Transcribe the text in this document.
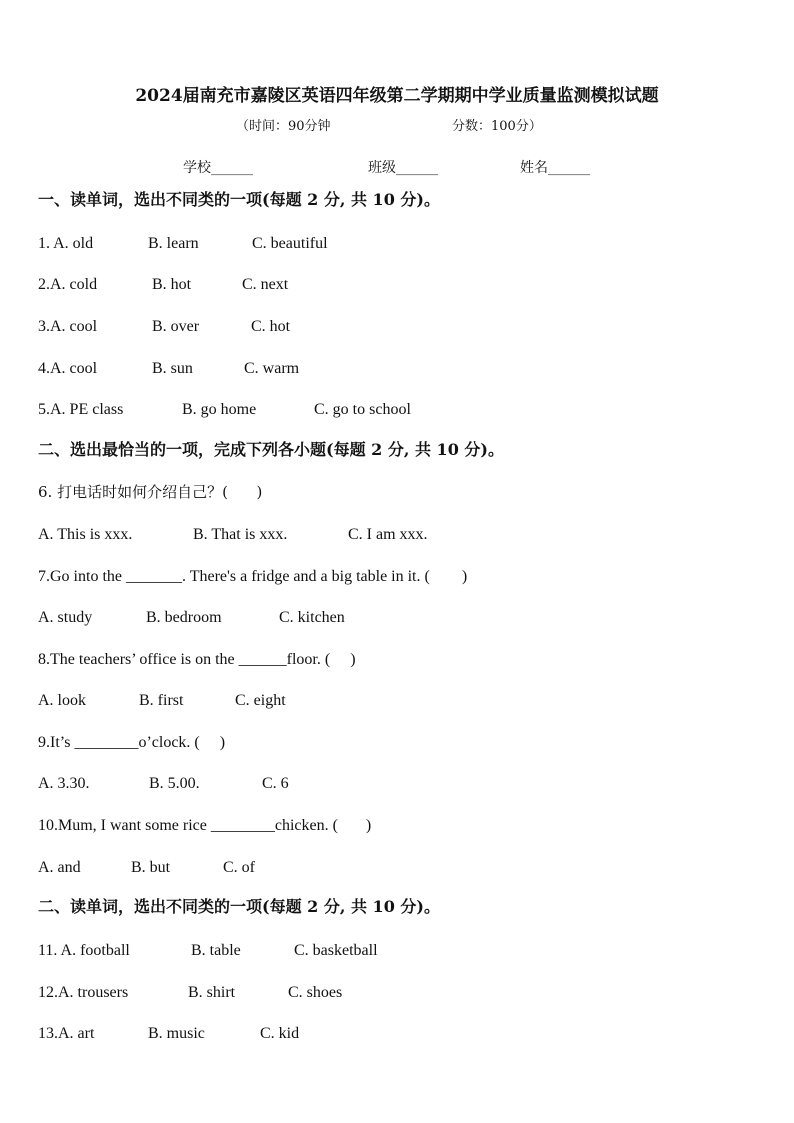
2024届南充市嘉陵区英语四年级第二学期期中学业质量监测模拟试题
（时间：90分钟	分数：100分）
学校______	班级______	姓名______
一、读单词，选出不同类的一项(每题 2 分, 共 10 分)。
1. A. old	B. learn	C. beautiful
2.A. cold	B. hot	C. next
3.A. cool	B. over	C. hot
4.A. cool	B. sun	C. warm
5.A. PE class	B. go home	C. go to school
二、选出最恰当的一项，完成下列各小题(每题 2 分, 共 10 分)。
6. 打电话时如何介绍自己？(      )
A. This is xxx.	B. That is xxx.	C. I am xxx.
7.Go into the _______. There's a fridge and a big table in it. (        )
A. study	B. bedroom	C. kitchen
8.The teachers’ office is on the ______floor. (     )
A. look	B. first	C. eight
9.It’s ________o’clock. (     )
A. 3.30.	B. 5.00.	C. 6
10.Mum, I want some rice ________chicken. (       )
A. and	B. but	C. of
二、读单词，选出不同类的一项(每题 2 分, 共 10 分)。
11. A. football	B. table	C. basketball
12.A. trousers	B. shirt	C. shoes
13.A. art	B. music	C. kid
